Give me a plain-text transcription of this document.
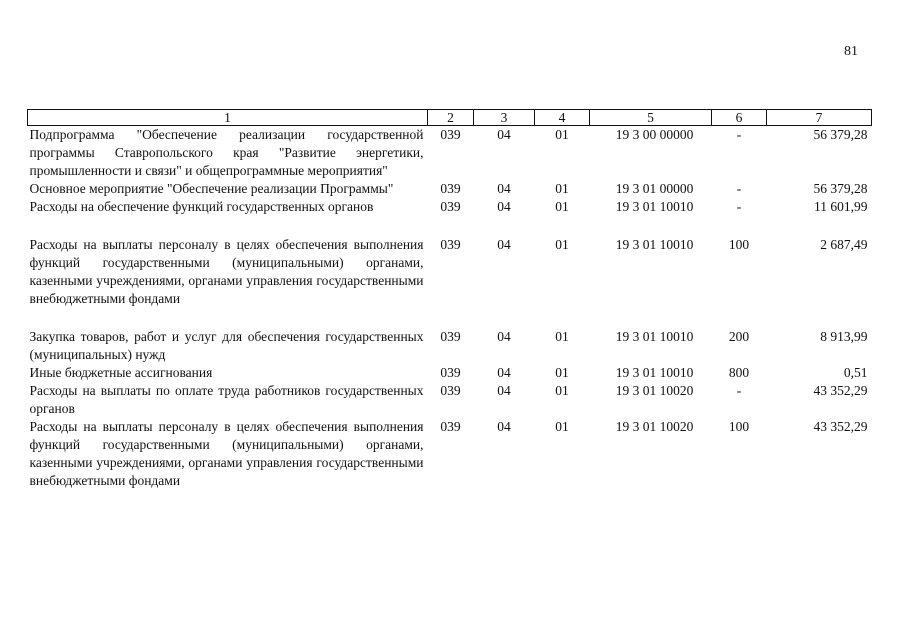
81
1	2	3	4	5	6	7
Подпрограмма "Обеспечение реализации государственной программы Ставропольского края "Развитие энергетики, промышленности и связи" и общепрограммные мероприятия"	039	04	01	19 3 00 00000	-	56 379,28
Основное мероприятие "Обеспечение реализации Программы"	039	04	01	19 3 01 00000	-	56 379,28
Расходы на обеспечение функций государственных органов	039	04	01	19 3 01 10010	-	11 601,99
Расходы на выплаты персоналу в целях обеспечения выполнения функций государственными (муниципальными) органами, казенными учреждениями, органами управления государственными внебюджетными фондами	039	04	01	19 3 01 10010	100	2 687,49
Закупка товаров, работ и услуг для обеспечения государственных (муниципальных) нужд	039	04	01	19 3 01 10010	200	8 913,99
Иные бюджетные ассигнования	039	04	01	19 3 01 10010	800	0,51
Расходы на выплаты по оплате труда работников государственных органов	039	04	01	19 3 01 10020	-	43 352,29
Расходы на выплаты персоналу в целях обеспечения выполнения функций государственными (муниципальными) органами, казенными учреждениями, органами управления государственными внебюджетными фондами	039	04	01	19 3 01 10020	100	43 352,29
